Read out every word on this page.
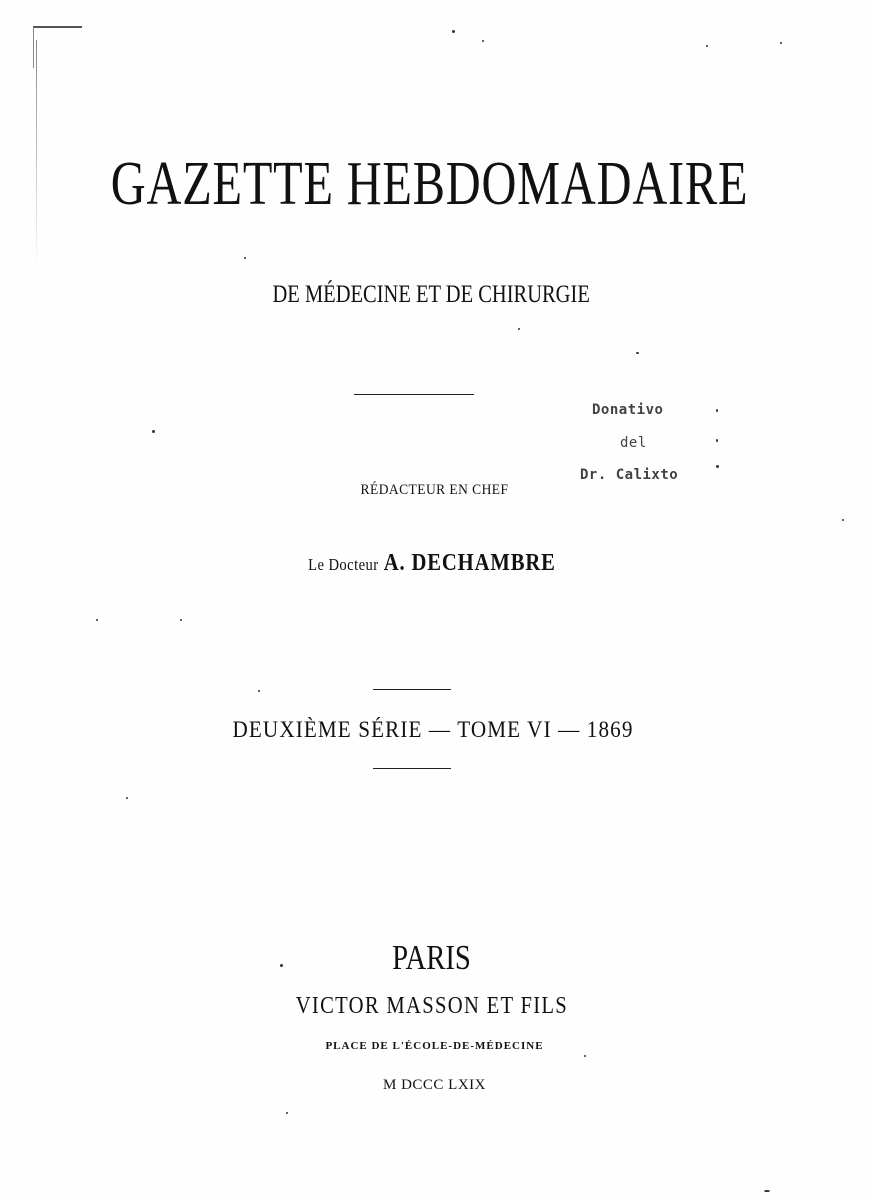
GAZETTE HEBDOMADAIRE
DE MÉDECINE ET DE CHIRURGIE
Donativo
del
Dr. Calixto
RÉDACTEUR EN CHEF
Le Docteur A. DECHAMBRE
DEUXIÈME SÉRIE — TOME VI — 1869
PARIS
VICTOR MASSON ET FILS
PLACE DE L'ÉCOLE-DE-MÉDECINE
M DCCC LXIX
